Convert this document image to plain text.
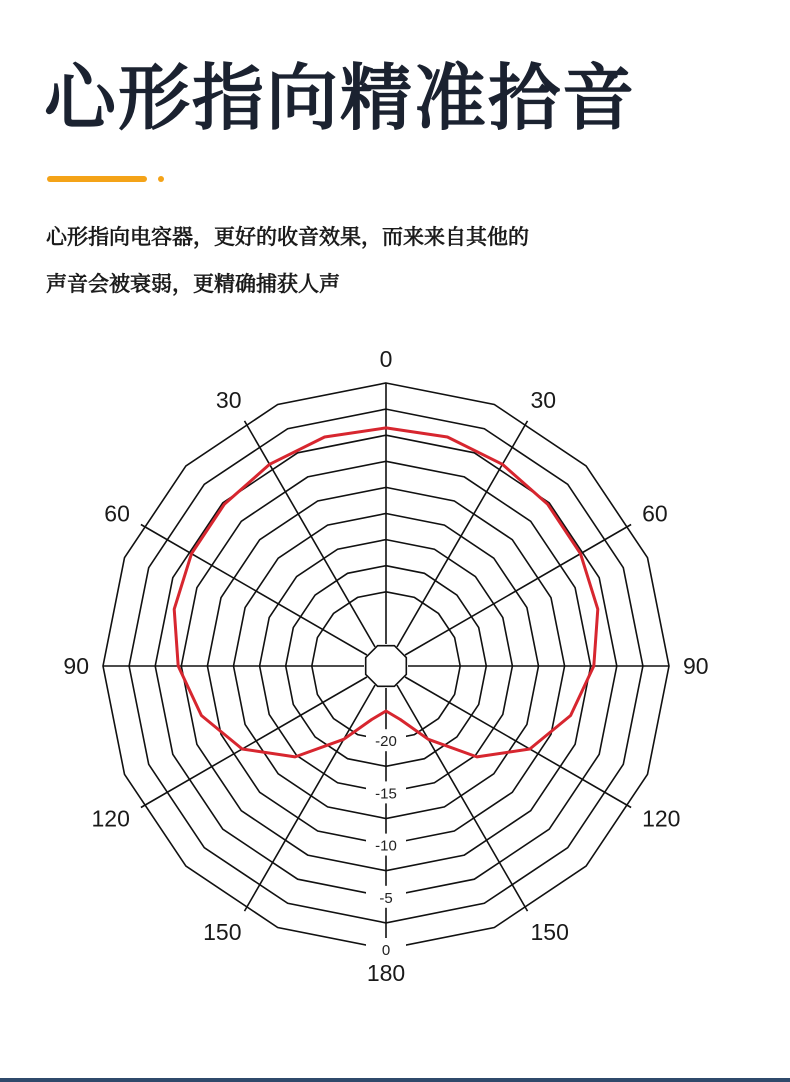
心形指向精准拾音
心形指向电容器，更好的收音效果，而来来自其他的
声音会被衰弱，更精确捕获人声
-20
-15
-10
-5
0
0
30
30
60
60
90
90
120
120
150
150
180
